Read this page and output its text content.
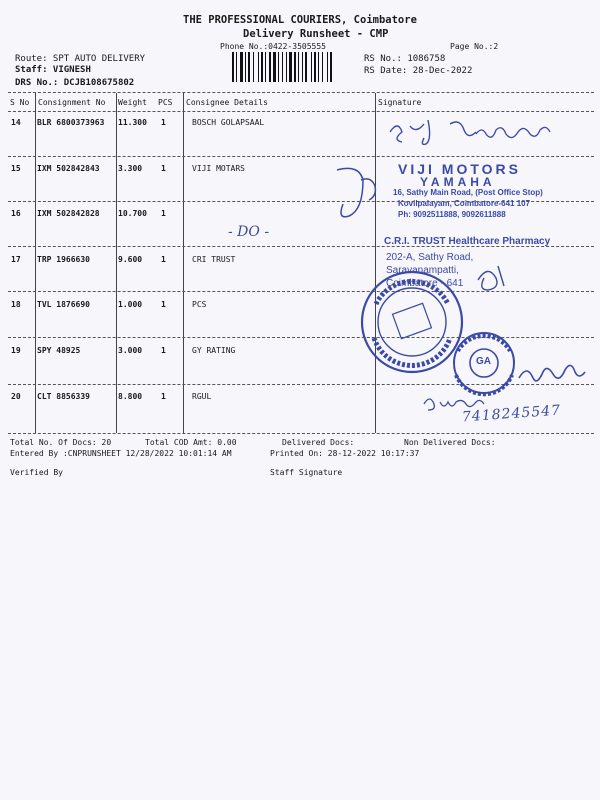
THE PROFESSIONAL COURIERS, Coimbatore
Delivery Runsheet - CMP
Phone No.:0422-3505555	Page No.:2
Route: SPT AUTO DELIVERY
Staff: VIGNESH
DRS No.: DCJB108675802
RS No.: 1086758
RS Date: 28-Dec-2022
S No Consignment No Weight PCS Consignee Details	Signature
14 BLR 6800373963 11.300 1	BOSCH GOLAPSAAL
15 IXM 502842843 3.300 1	VIJI MOTARS
16 IXM 502842828 10.700 1
- DO -
17 TRP 1966630	9.600 1	CRI TRUST
18 TVL 1876690	1.000 1	PCS
19 SPY 48925	3.000 1	GY RATING
20 CLT 8856339	8.800 1	RGUL
VIJI MOTORS
YAMAHA
16, Sathy Main Road, (Post Office Stop)
Kovilpalayam, Coimbatore-641 107
Ph: 9092511888, 9092611888
C.R.I. TRUST Healthcare Pharmacy
202-A, Sathy Road,
Saravanampatti,
Coimbatore - 641
GA
7418245547
Total No. Of Docs: 20	Total COD Amt: 0.00	Delivered Docs:	Non Delivered Docs:
Entered By :CNPRUNSHEET 12/28/2022 10:01:14 AM	Printed On: 28-12-2022 10:17:37
Verified By	Staff Signature
